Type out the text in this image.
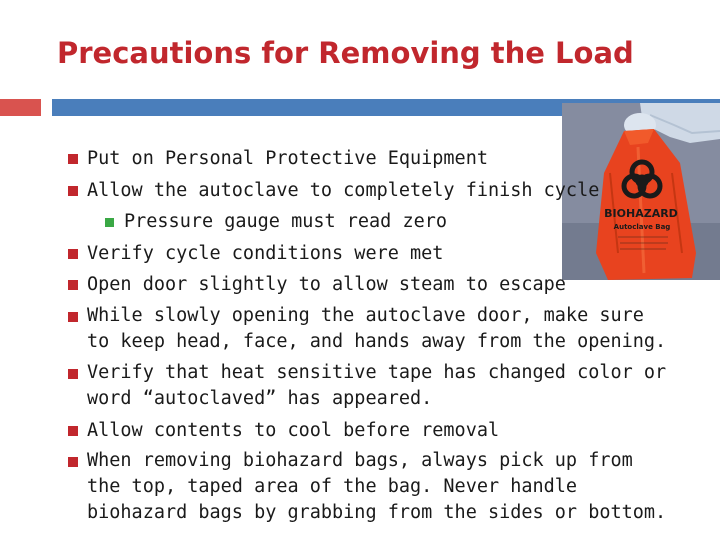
Precautions for Removing the Load
BIOHAZARD
Autoclave Bag
Put on Personal Protective Equipment
Allow the autoclave to completely finish cycle
Pressure gauge must read zero
Verify cycle conditions were met
Open door slightly to allow steam to escape
While slowly opening the autoclave door, make sure to keep head, face, and hands away from the opening.
Verify that heat sensitive tape has changed color or word “autoclaved” has appeared.
Allow contents to cool before removal
When removing biohazard bags, always pick up from the top, taped area of the bag. Never handle biohazard bags by grabbing from the sides or bottom.
